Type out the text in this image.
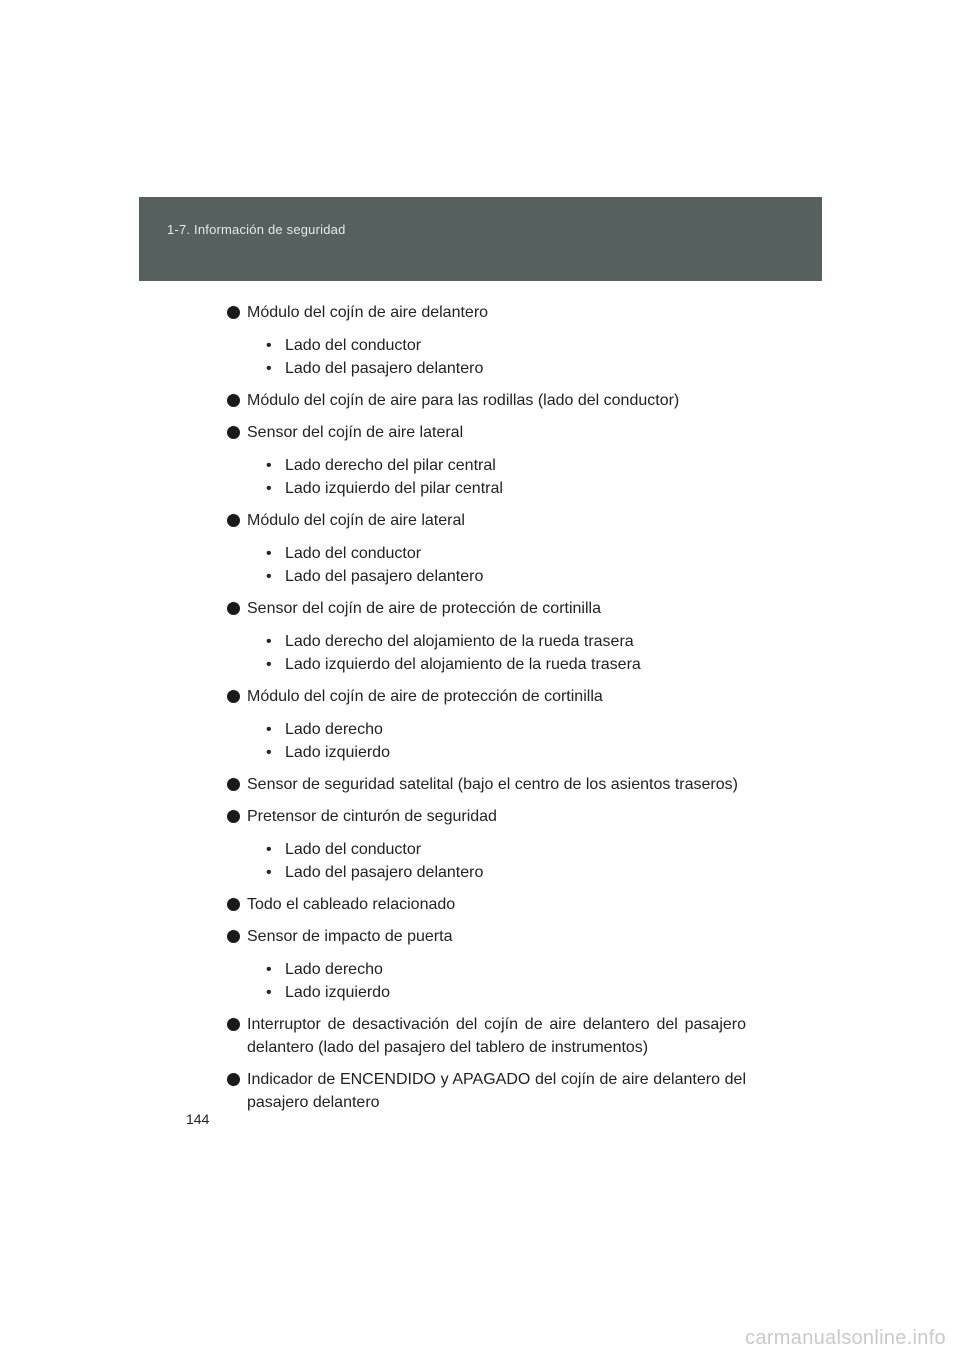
1-7. Información de seguridad
Módulo del cojín de aire delantero
• Lado del conductor
• Lado del pasajero delantero
Módulo del cojín de aire para las rodillas (lado del conductor)
Sensor del cojín de aire lateral
• Lado derecho del pilar central
• Lado izquierdo del pilar central
Módulo del cojín de aire lateral
• Lado del conductor
• Lado del pasajero delantero
Sensor del cojín de aire de protección de cortinilla
• Lado derecho del alojamiento de la rueda trasera
• Lado izquierdo del alojamiento de la rueda trasera
Módulo del cojín de aire de protección de cortinilla
• Lado derecho
• Lado izquierdo
Sensor de seguridad satelital (bajo el centro de los asientos traseros)
Pretensor de cinturón de seguridad
• Lado del conductor
• Lado del pasajero delantero
Todo el cableado relacionado
Sensor de impacto de puerta
• Lado derecho
• Lado izquierdo
Interruptor de desactivación del cojín de aire delantero del pasajero delantero (lado del pasajero del tablero de instrumentos)
Indicador de ENCENDIDO y APAGADO del cojín de aire delantero del pasajero delantero
144
carmanualsonline.info
